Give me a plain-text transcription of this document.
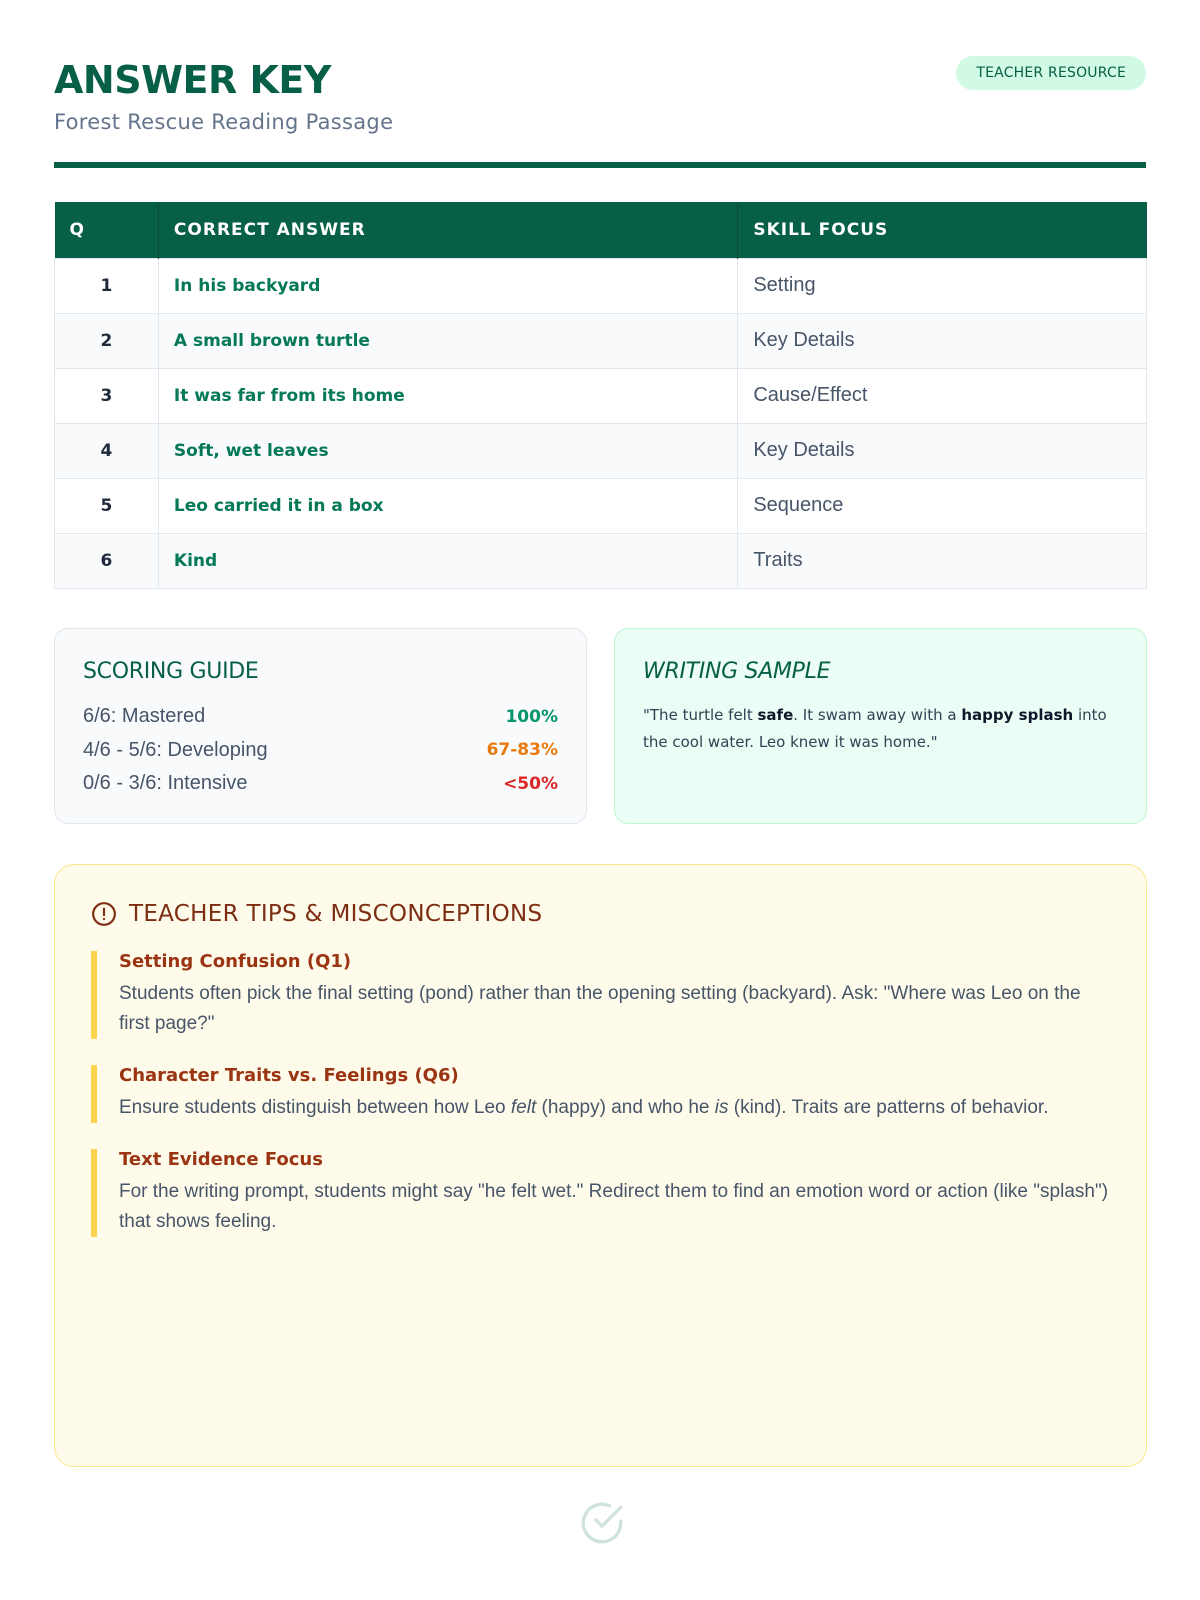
ANSWER KEY
Forest Rescue Reading Passage
TEACHER RESOURCE
Q	CORRECT ANSWER	SKILL FOCUS
1	In his backyard	Setting
2	A small brown turtle	Key Details
3	It was far from its home	Cause/Effect
4	Soft, wet leaves	Key Details
5	Leo carried it in a box	Sequence
6	Kind	Traits
SCORING GUIDE
6/6: Mastered	100%
4/6 - 5/6: Developing	67-83%
0/6 - 3/6: Intensive	<50%
WRITING SAMPLE

"The turtle felt safe. It swam away with a happy splash into the cool water. Leo knew it was home."

TEACHER TIPS & MISCONCEPTIONS
Setting Confusion (Q1)

Students often pick the final setting (pond) rather than the opening setting (backyard). Ask: "Where was Leo on the first page?"

Character Traits vs. Feelings (Q6)

Ensure students distinguish between how Leo felt (happy) and who he is (kind). Traits are patterns of behavior.

Text Evidence Focus

For the writing prompt, students might say "he felt wet." Redirect them to find an emotion word or action (like "splash") that shows feeling.
